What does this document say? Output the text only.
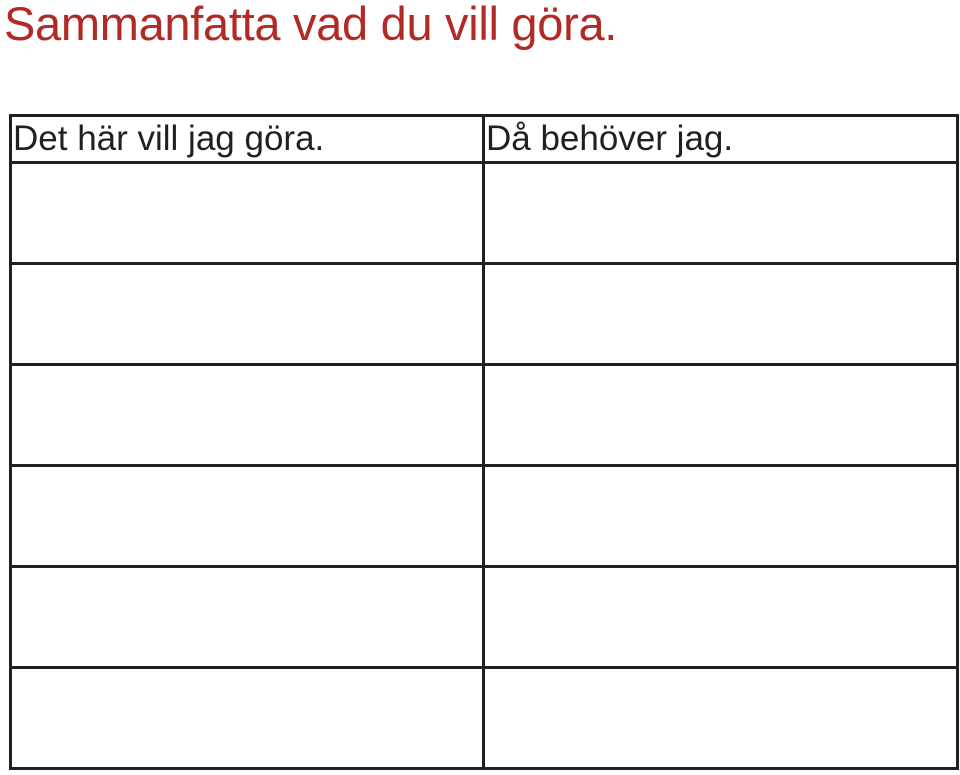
Sammanfatta vad du vill göra.
Det här vill jag göra.	Då behöver jag.
